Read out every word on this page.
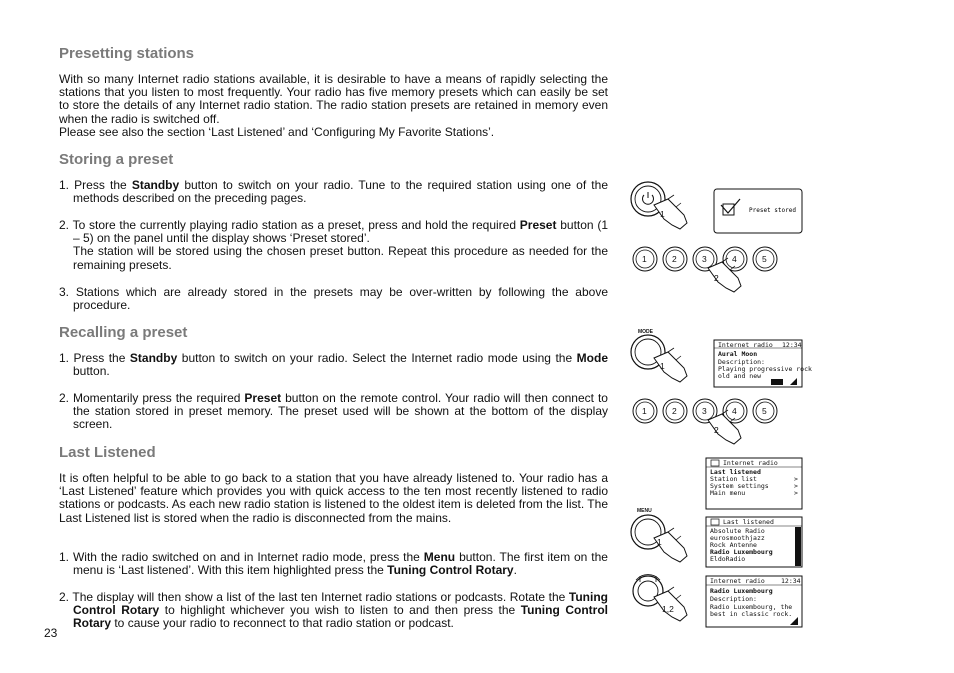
Presetting stations

With so many Internet radio stations available, it is desirable to have a means of rapidly selecting the stations that you listen to most frequently. Your radio has five memory presets which can easily be set to store the details of any Internet radio station. The radio station presets are retained in memory even when the radio is switched off.

Please see also the section ‘Last Listened’ and ‘Configuring My Favorite Stations’.

Storing a preset

1. Press the Standby button to switch on your radio. Tune to the required station using one of the methods described on the preceding pages.

2. To store the currently playing radio station as a preset, press and hold the required Preset button (1 – 5) on the panel until the display shows ‘Preset stored’.
The station will be stored using the chosen preset button. Repeat this procedure as needed for the remaining presets.

3. Stations which are already stored in the presets may be over-written by following the above procedure.

Recalling a preset

1. Press the Standby button to switch on your radio. Select the Internet radio mode using the Mode button.

2. Momentarily press the required Preset button on the remote control. Your radio will then connect to the station stored in preset memory. The preset used will be shown at the bottom of the display screen.

Last Listened

It is often helpful to be able to go back to a station that you have already listened to. Your radio has a ‘Last Listened’ feature which provides you with quick access to the ten most recently listened to radio stations or podcasts. As each new radio station is listened to the oldest item is deleted from the list. The Last Listened list is stored when the radio is disconnected from the mains.

1. With the radio switched on and in Internet radio mode, press the Menu button. The first item on the menu is ‘Last listened’. With this item highlighted press the Tuning Control Rotary.

2. The display will then show a list of the last ten Internet radio stations or podcasts. Rotate the Tuning Control Rotary to highlight whichever you wish to listen to and then press the Tuning Control Rotary to cause your radio to reconnect to that radio station or podcast.

23
1	Preset stored
1	2	3	4	5
2
MODE
1
Internet radio 12:34
Aural Moon
Description:
Playing progressive rock
old and new
1	2	3	4	5
2
Internet radio
Last listened
Station list
System settings
Main menu
>
>
>
MENU
1
Last listened
Absolute Radio
eurosmoothjazz
Rock Antenne
Radio Luxembourg
EldoRadio
1,2
Internet radio 12:34
Radio Luxembourg
Description:
Radio Luxembourg, the
best in classic rock.
